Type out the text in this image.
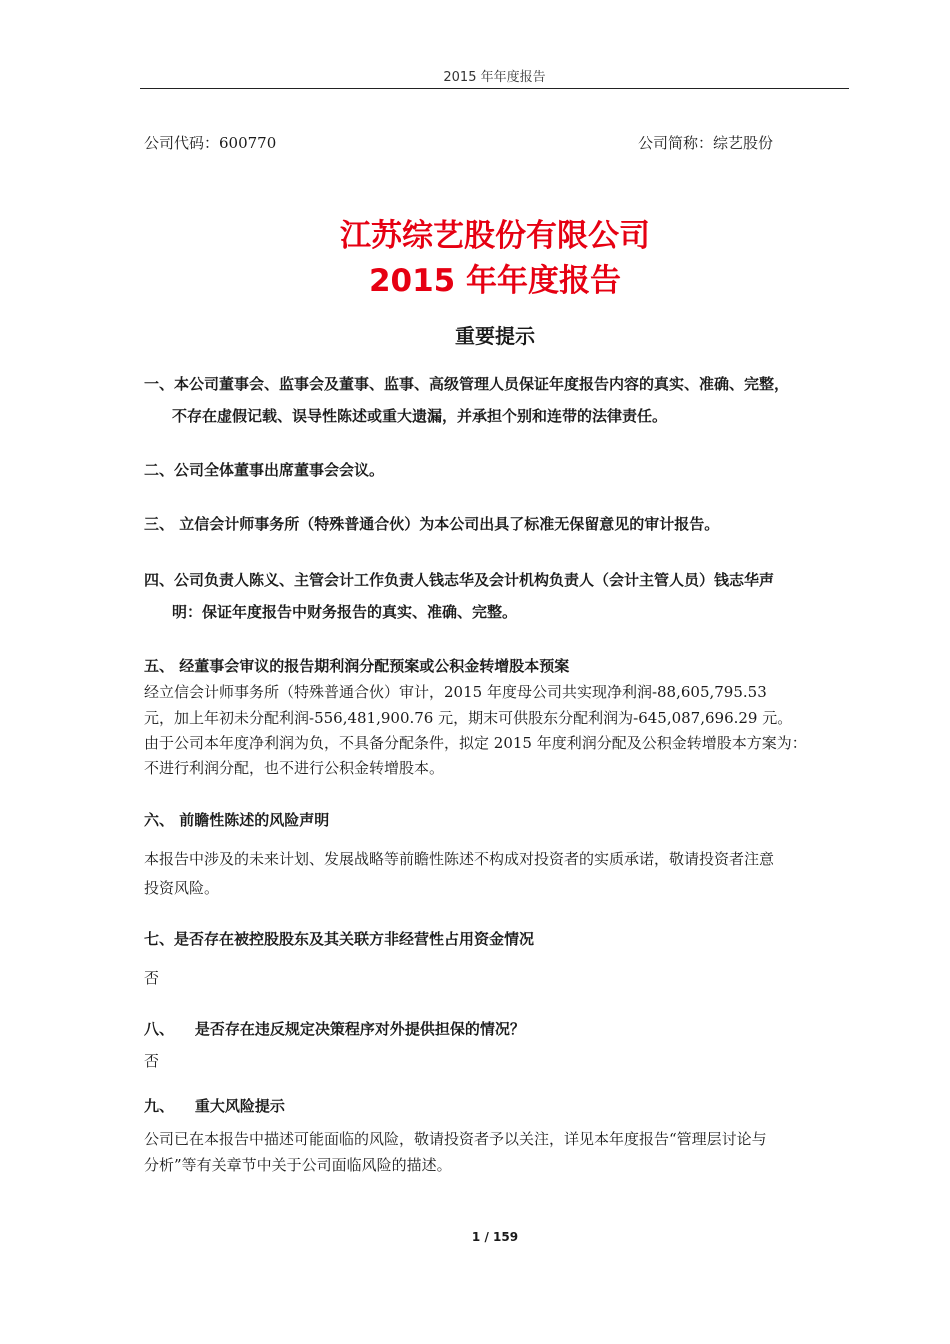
2015 年年度报告
公司代码：600770	公司简称：综艺股份
江苏综艺股份有限公司
2015 年年度报告
重要提示
一、本公司董事会、监事会及董事、监事、高级管理人员保证年度报告内容的真实、准确、完整，
不存在虚假记载、误导性陈述或重大遗漏，并承担个别和连带的法律责任。
二、公司全体董事出席董事会会议。
三、 立信会计师事务所（特殊普通合伙）为本公司出具了标准无保留意见的审计报告。
四、公司负责人陈义、主管会计工作负责人钱志华及会计机构负责人（会计主管人员）钱志华声
明：保证年度报告中财务报告的真实、准确、完整。
五、 经董事会审议的报告期利润分配预案或公积金转增股本预案
经立信会计师事务所（特殊普通合伙）审计，2015 年度母公司共实现净利润-88,605,795.53
元，加上年初未分配利润-556,481,900.76 元，期末可供股东分配利润为-645,087,696.29 元。
由于公司本年度净利润为负，不具备分配条件，拟定 2015 年度利润分配及公积金转增股本方案为：
不进行利润分配，也不进行公积金转增股本。
六、 前瞻性陈述的风险声明
本报告中涉及的未来计划、发展战略等前瞻性陈述不构成对投资者的实质承诺，敬请投资者注意
投资风险。
七、是否存在被控股股东及其关联方非经营性占用资金情况
否
八、    是否存在违反规定决策程序对外提供担保的情况？
否
九、    重大风险提示
公司已在本报告中描述可能面临的风险，敬请投资者予以关注，详见本年度报告“管理层讨论与
分析”等有关章节中关于公司面临风险的描述。
1 / 159
